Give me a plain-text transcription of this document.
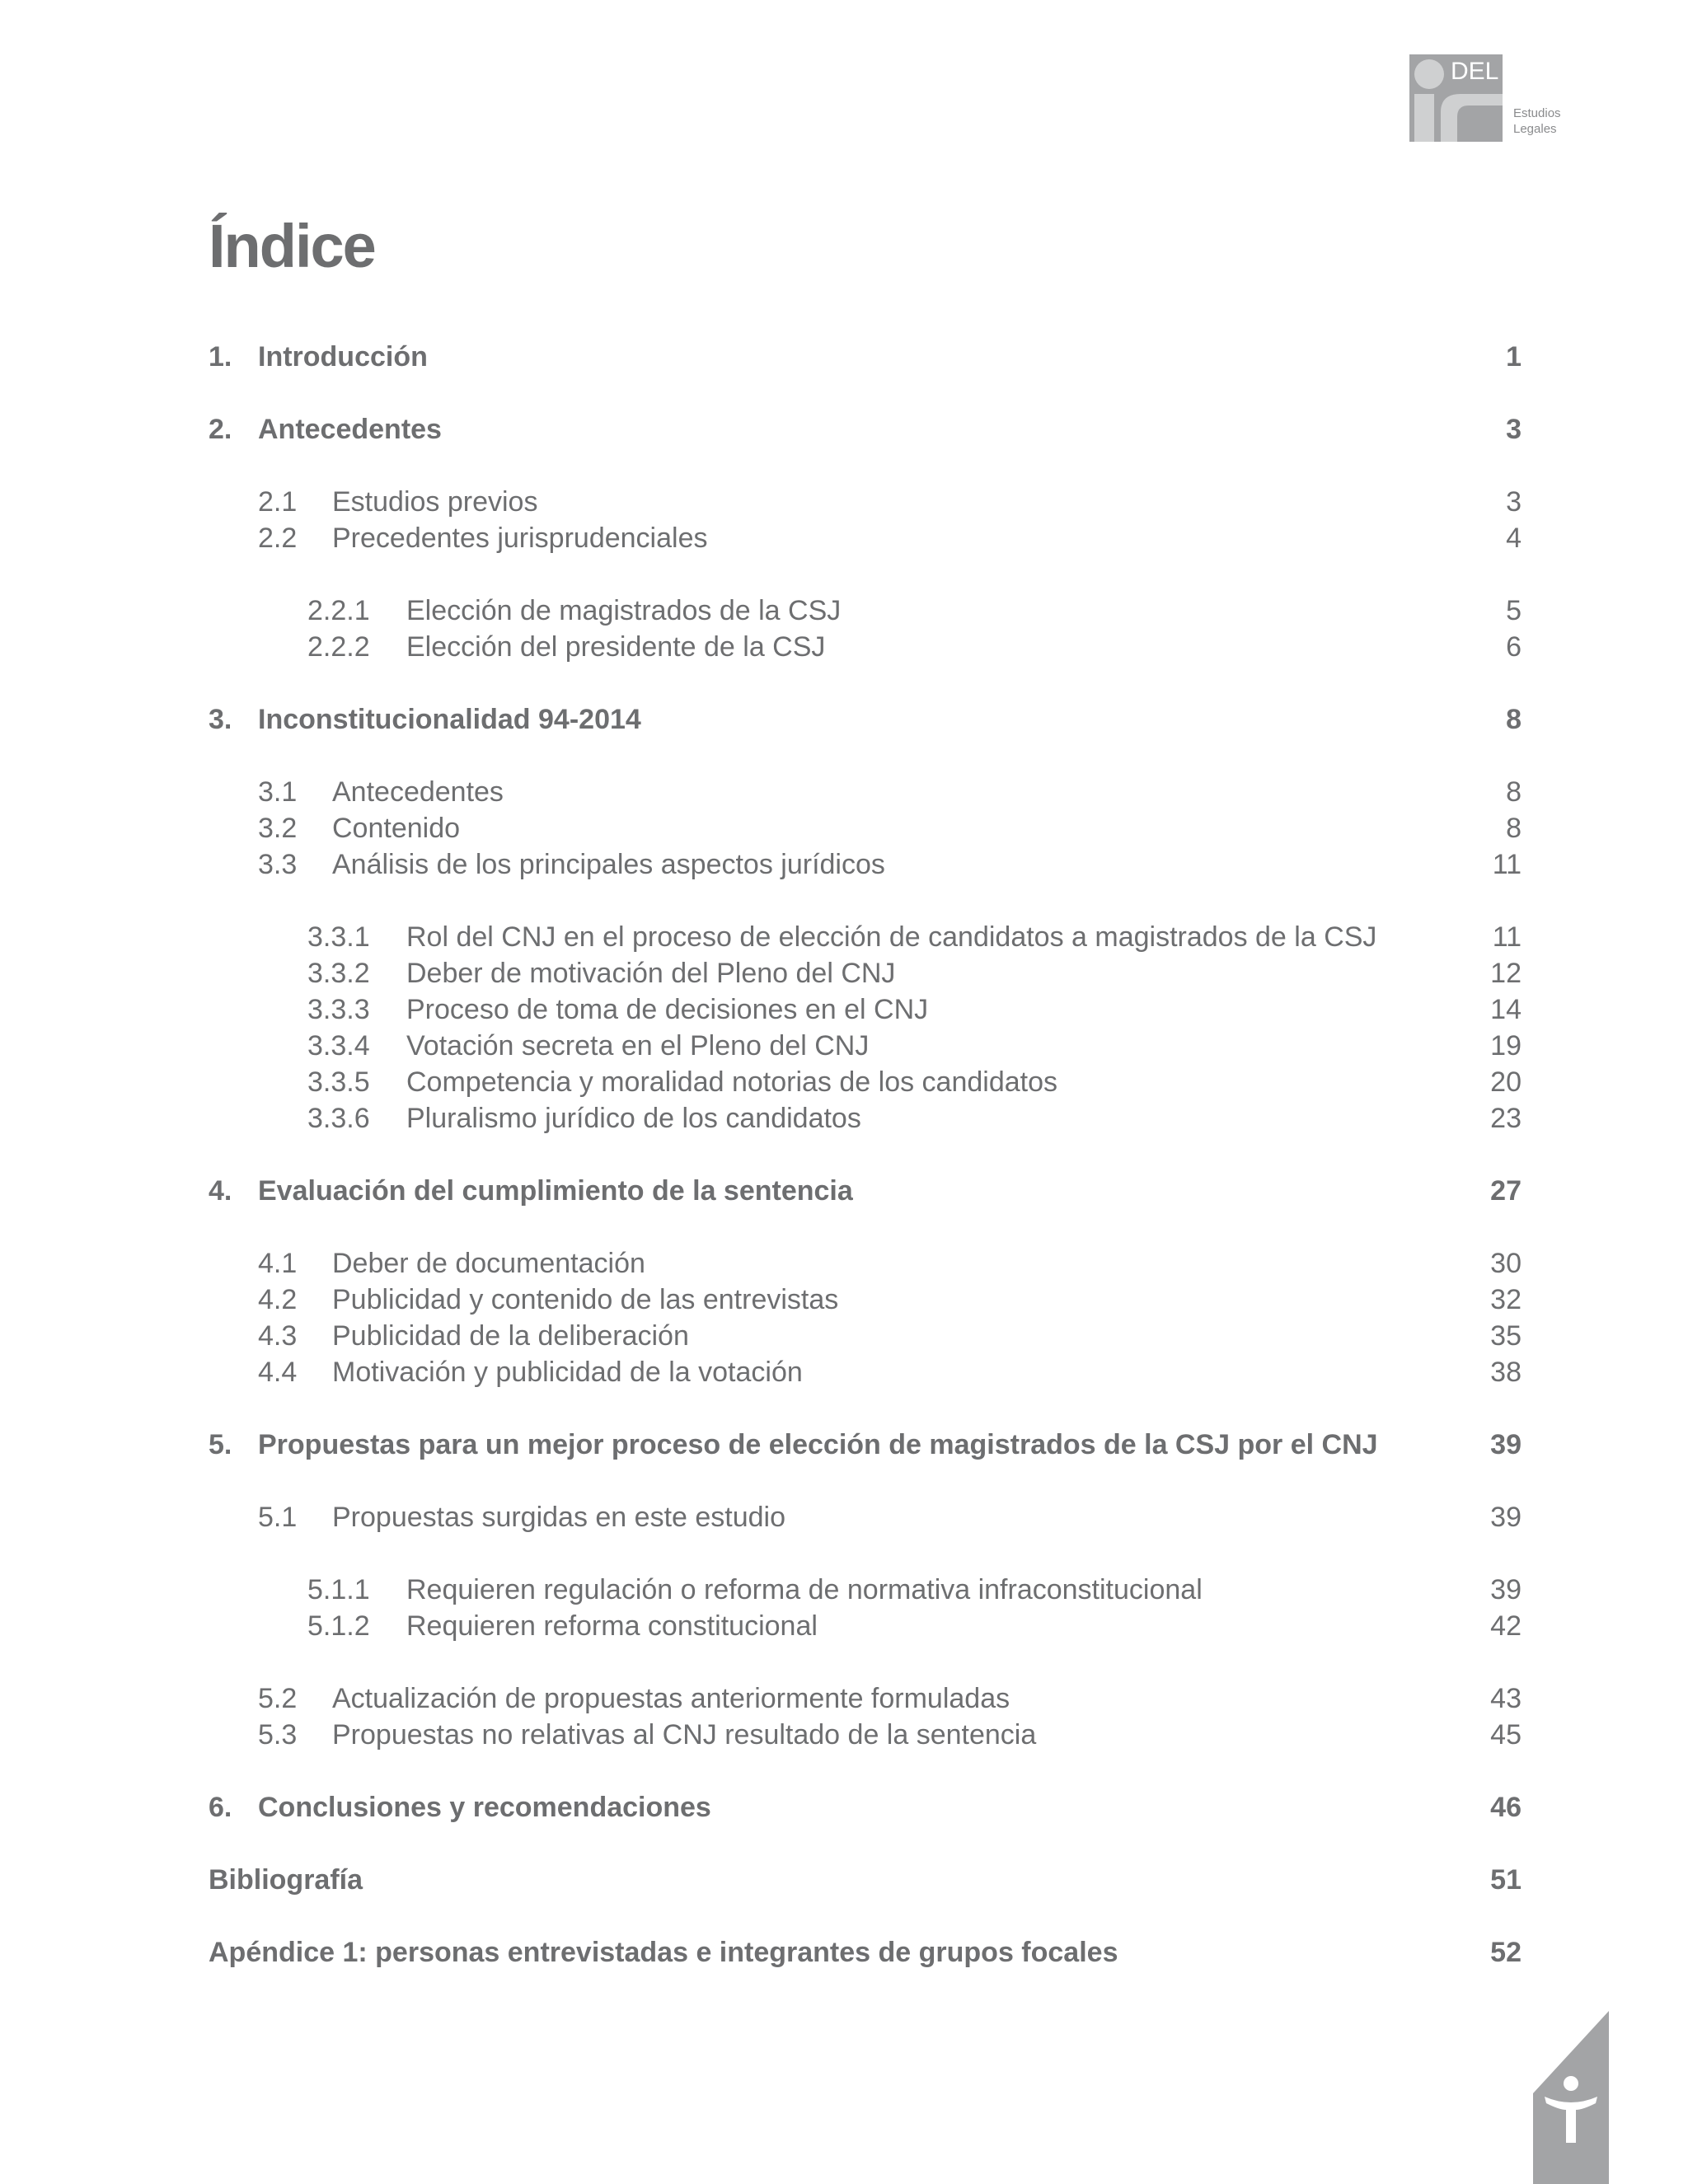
DEL
Estudios
Legales
Índice
1. Introducción	1
2. Antecedentes	3
2.1 Estudios previos	3
2.2 Precedentes jurisprudenciales	4
2.2.1 Elección de magistrados de la CSJ	5
2.2.2 Elección del presidente de la CSJ	6
3. Inconstitucionalidad 94-2014	8
3.1 Antecedentes	8
3.2 Contenido	8
3.3 Análisis de los principales aspectos jurídicos	11
3.3.1 Rol del CNJ en el proceso de elección de candidatos a magistrados de la CSJ	11
3.3.2 Deber de motivación del Pleno del CNJ	12
3.3.3 Proceso de toma de decisiones en el CNJ	14
3.3.4 Votación secreta en el Pleno del CNJ	19
3.3.5 Competencia y moralidad notorias de los candidatos	20
3.3.6 Pluralismo jurídico de los candidatos	23
4. Evaluación del cumplimiento de la sentencia	27
4.1 Deber de documentación	30
4.2 Publicidad y contenido de las entrevistas	32
4.3 Publicidad de la deliberación	35
4.4 Motivación y publicidad de la votación	38
5. Propuestas para un mejor proceso de elección de magistrados de la CSJ por el CNJ	39
5.1 Propuestas surgidas en este estudio	39
5.1.1 Requieren regulación o reforma de normativa infraconstitucional	39
5.1.2 Requieren reforma constitucional	42
5.2 Actualización de propuestas anteriormente formuladas	43
5.3 Propuestas no relativas al CNJ resultado de la sentencia	45
6. Conclusiones y recomendaciones	46
Bibliografía	51
Apéndice 1: personas entrevistadas e integrantes de grupos focales	52
